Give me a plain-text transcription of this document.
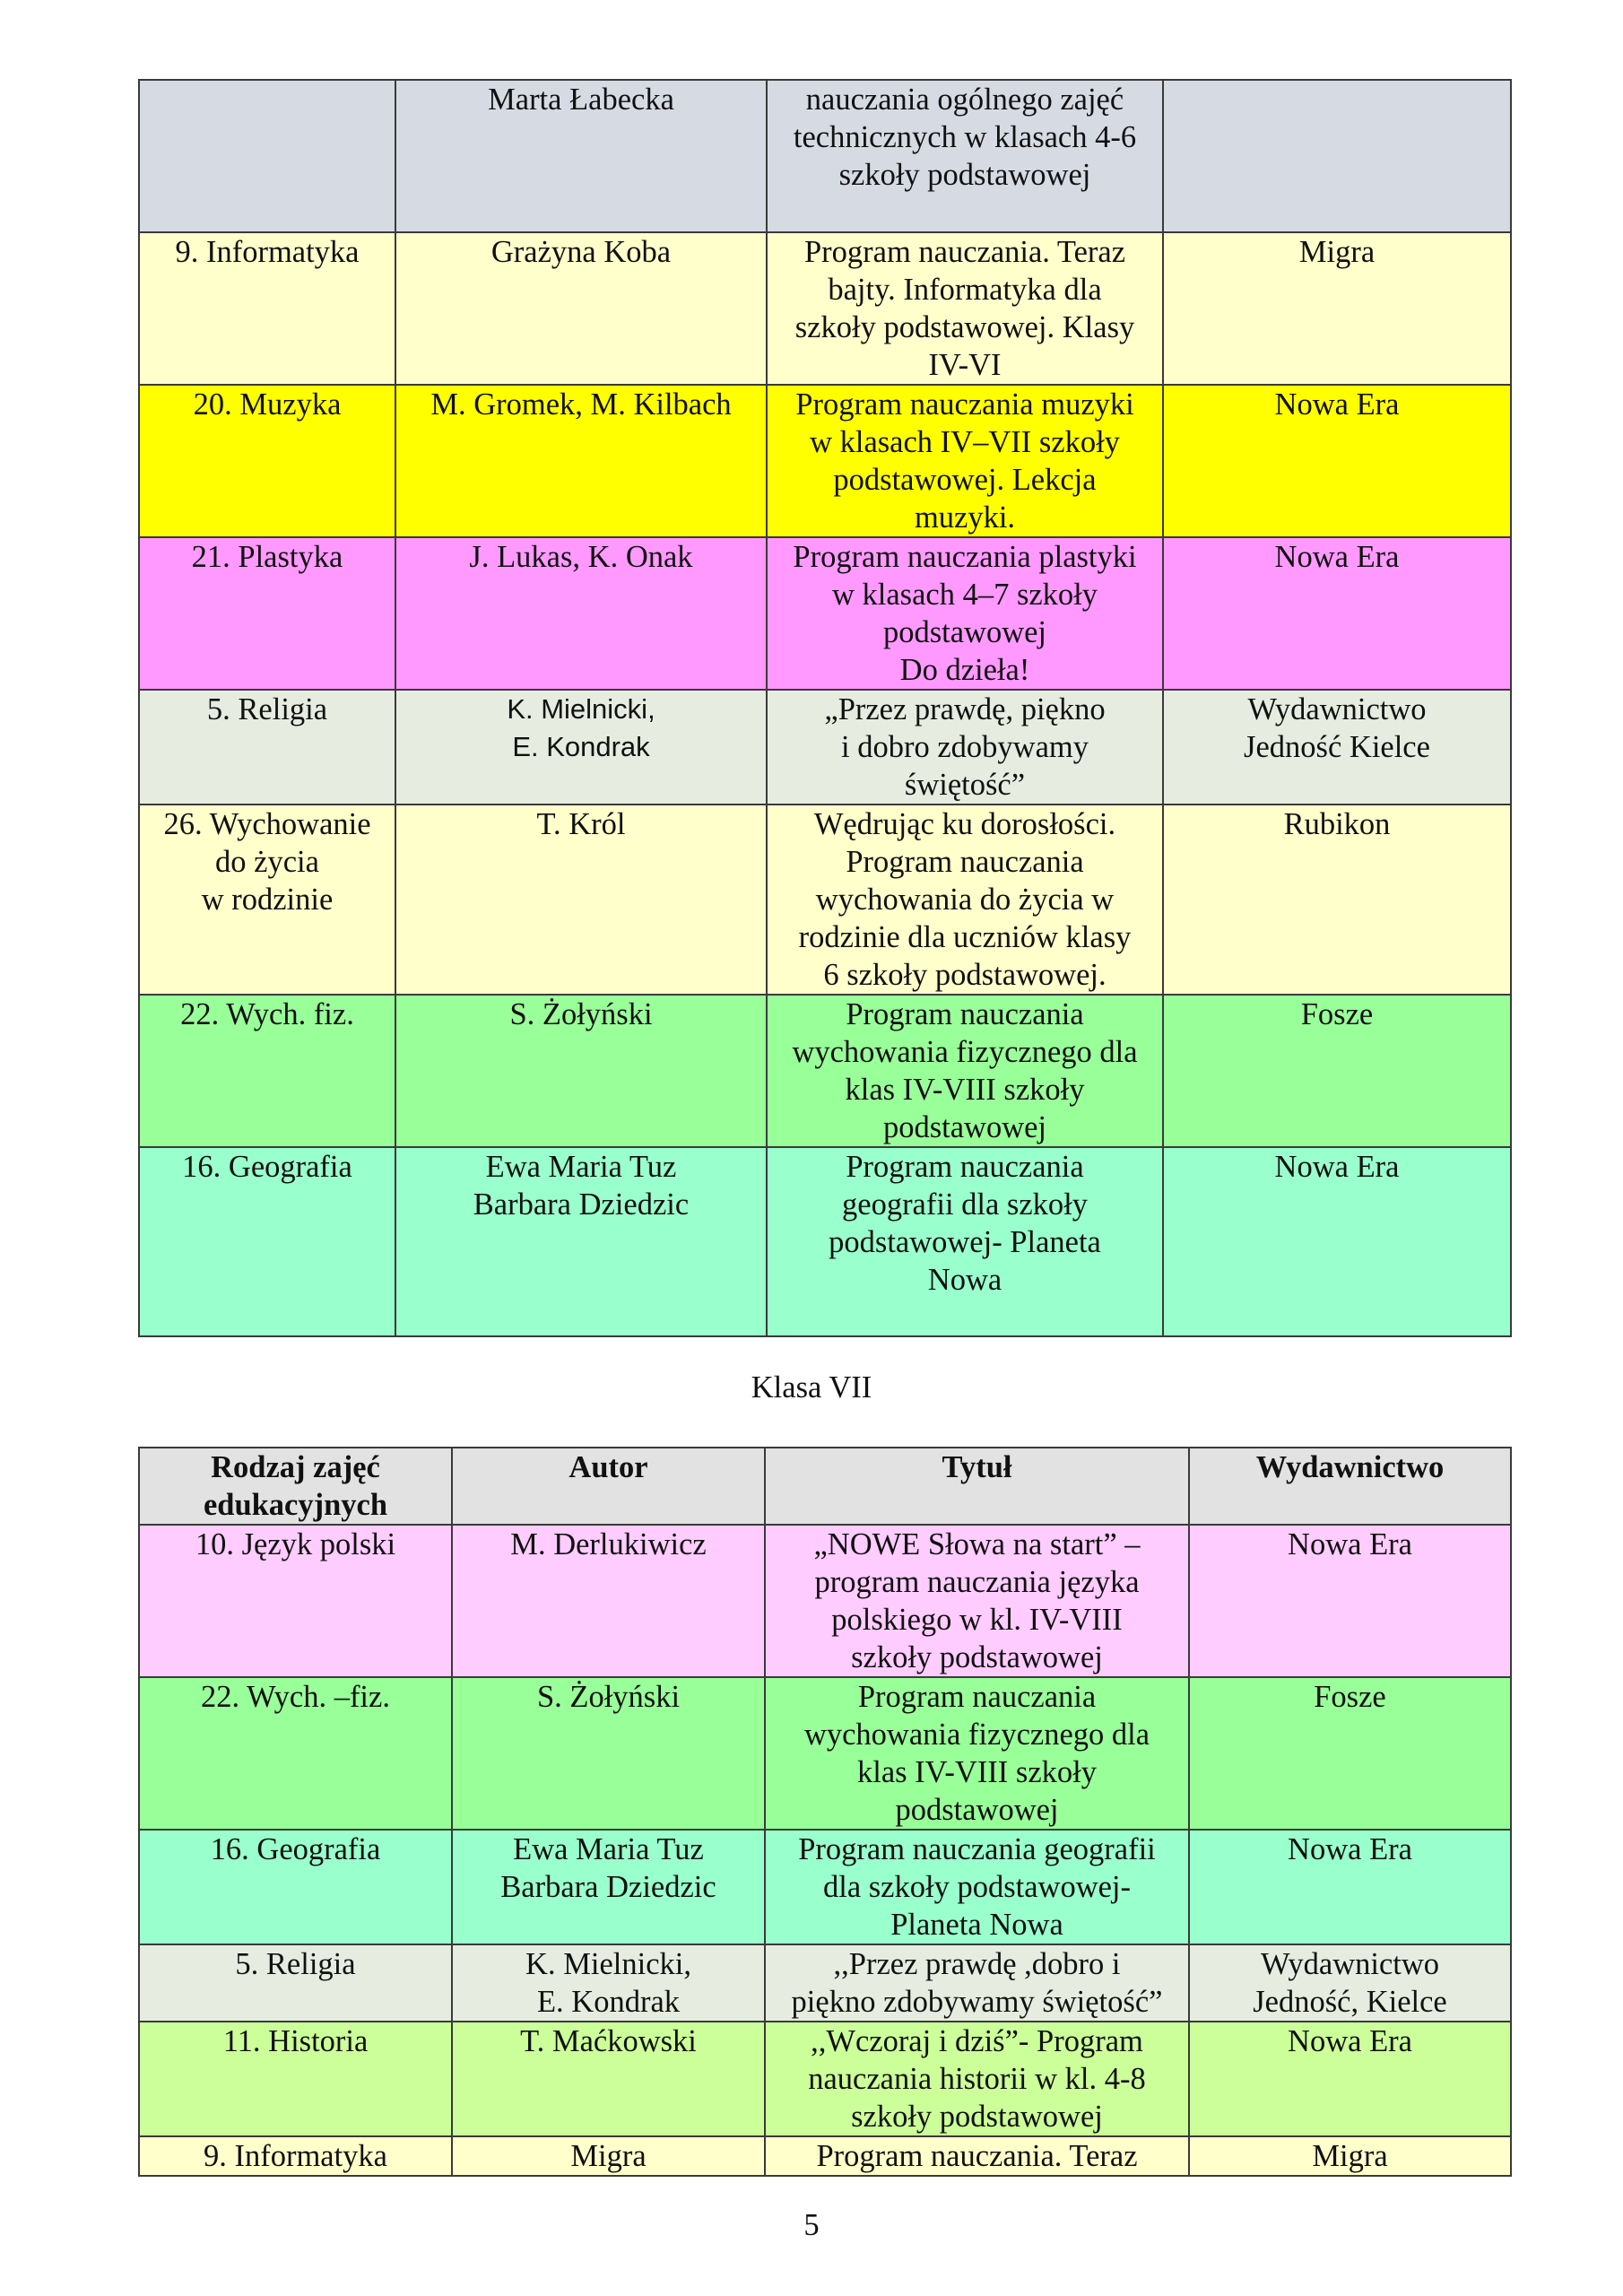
	Marta Łabecka	nauczania ogólnego zajęć
technicznych w klasach 4-6
szkoły podstawowej	
9. Informatyka	Grażyna Koba	Program nauczania. Teraz
bajty. Informatyka dla
szkoły podstawowej. Klasy
IV-VI	Migra
20. Muzyka	M. Gromek, M. Kilbach	Program nauczania muzyki
w klasach IV–VII szkoły
podstawowej. Lekcja
muzyki.	Nowa Era
21. Plastyka	J. Lukas, K. Onak	Program nauczania plastyki
w klasach 4–7 szkoły
podstawowej
Do dzieła!	Nowa Era
5. Religia	K. Mielnicki,
E. Kondrak	„Przez prawdę, piękno
i dobro zdobywamy
świętość”	Wydawnictwo
Jedność Kielce
26. Wychowanie
do życia
w rodzinie	T. Król	Wędrując ku dorosłości.
Program nauczania
wychowania do życia w
rodzinie dla uczniów klasy
6 szkoły podstawowej.	Rubikon
22. Wych. fiz.	S. Żołyński	Program nauczania
wychowania fizycznego dla
klas IV-VIII szkoły
podstawowej	Fosze
16. Geografia	Ewa Maria Tuz
Barbara Dziedzic	Program nauczania
geografii dla szkoły
podstawowej- Planeta
Nowa	Nowa Era
Klasa VII
Rodzaj zajęć
edukacyjnych	Autor	Tytuł	Wydawnictwo
10. Język polski	M. Derlukiwicz	„NOWE Słowa na start” –
program nauczania języka
polskiego w kl. IV-VIII
szkoły podstawowej	Nowa Era
22. Wych. –fiz.	S. Żołyński	Program nauczania
wychowania fizycznego dla
klas IV-VIII szkoły
podstawowej	Fosze
16. Geografia	Ewa Maria Tuz
Barbara Dziedzic	Program nauczania geografii
dla szkoły podstawowej-
Planeta Nowa	Nowa Era
5. Religia	K. Mielnicki,
E. Kondrak	,,Przez prawdę ,dobro i
piękno zdobywamy świętość”	Wydawnictwo
Jedność, Kielce
11. Historia	T. Maćkowski	,,Wczoraj i dziś”- Program
nauczania historii w kl. 4-8
szkoły podstawowej	Nowa Era
9. Informatyka	Migra	Program nauczania. Teraz	Migra
5
